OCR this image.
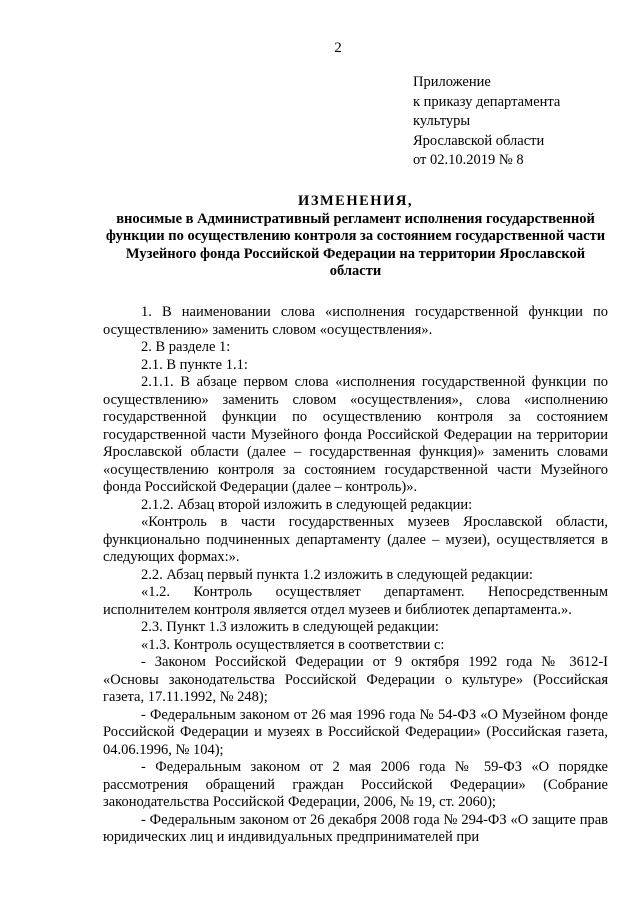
2
Приложение
к приказу департамента
культуры
Ярославской области
от 02.10.2019 № 8
ИЗМЕНЕНИЯ,
вносимые в Административный регламент исполнения государственной функции по осуществлению контроля за состоянием государственной части Музейного фонда Российской Федерации на территории Ярославской области

1. В наименовании слова «исполнения государственной функции по осуществлению» заменить словом «осуществления».

2. В разделе 1:

2.1. В пункте 1.1:

2.1.1. В абзаце первом слова «исполнения государственной функции по осуществлению» заменить словом «осуществления», слова «исполнению государственной функции по осуществлению контроля за состоянием государственной части Музейного фонда Российской Федерации на территории Ярославской области (далее – государственная функция)» заменить словами «осуществлению контроля за состоянием государственной части Музейного фонда Российской Федерации (далее – контроль)».

2.1.2. Абзац второй изложить в следующей редакции:

«Контроль в части государственных музеев Ярославской области, функционально подчиненных департаменту (далее – музеи), осуществляется в следующих формах:».

2.2. Абзац первый пункта 1.2 изложить в следующей редакции:

«1.2. Контроль осуществляет департамент. Непосредственным исполнителем контроля является отдел музеев и библиотек департамента.».

2.3. Пункт 1.3 изложить в следующей редакции:

«1.3. Контроль осуществляется в соответствии с:

- Законом Российской Федерации от 9 октября 1992 года № 3612-I «Основы законодательства Российской Федерации о культуре» (Российская газета, 17.11.1992, № 248);

- Федеральным законом от 26 мая 1996 года № 54-ФЗ «О Музейном фонде Российской Федерации и музеях в Российской Федерации» (Российская газета, 04.06.1996, № 104);

- Федеральным законом от 2 мая 2006 года № 59-ФЗ «О порядке рассмотрения обращений граждан Российской Федерации» (Собрание законодательства Российской Федерации, 2006, № 19, ст. 2060);

- Федеральным законом от 26 декабря 2008 года № 294-ФЗ «О защите прав юридических лиц и индивидуальных предпринимателей при
